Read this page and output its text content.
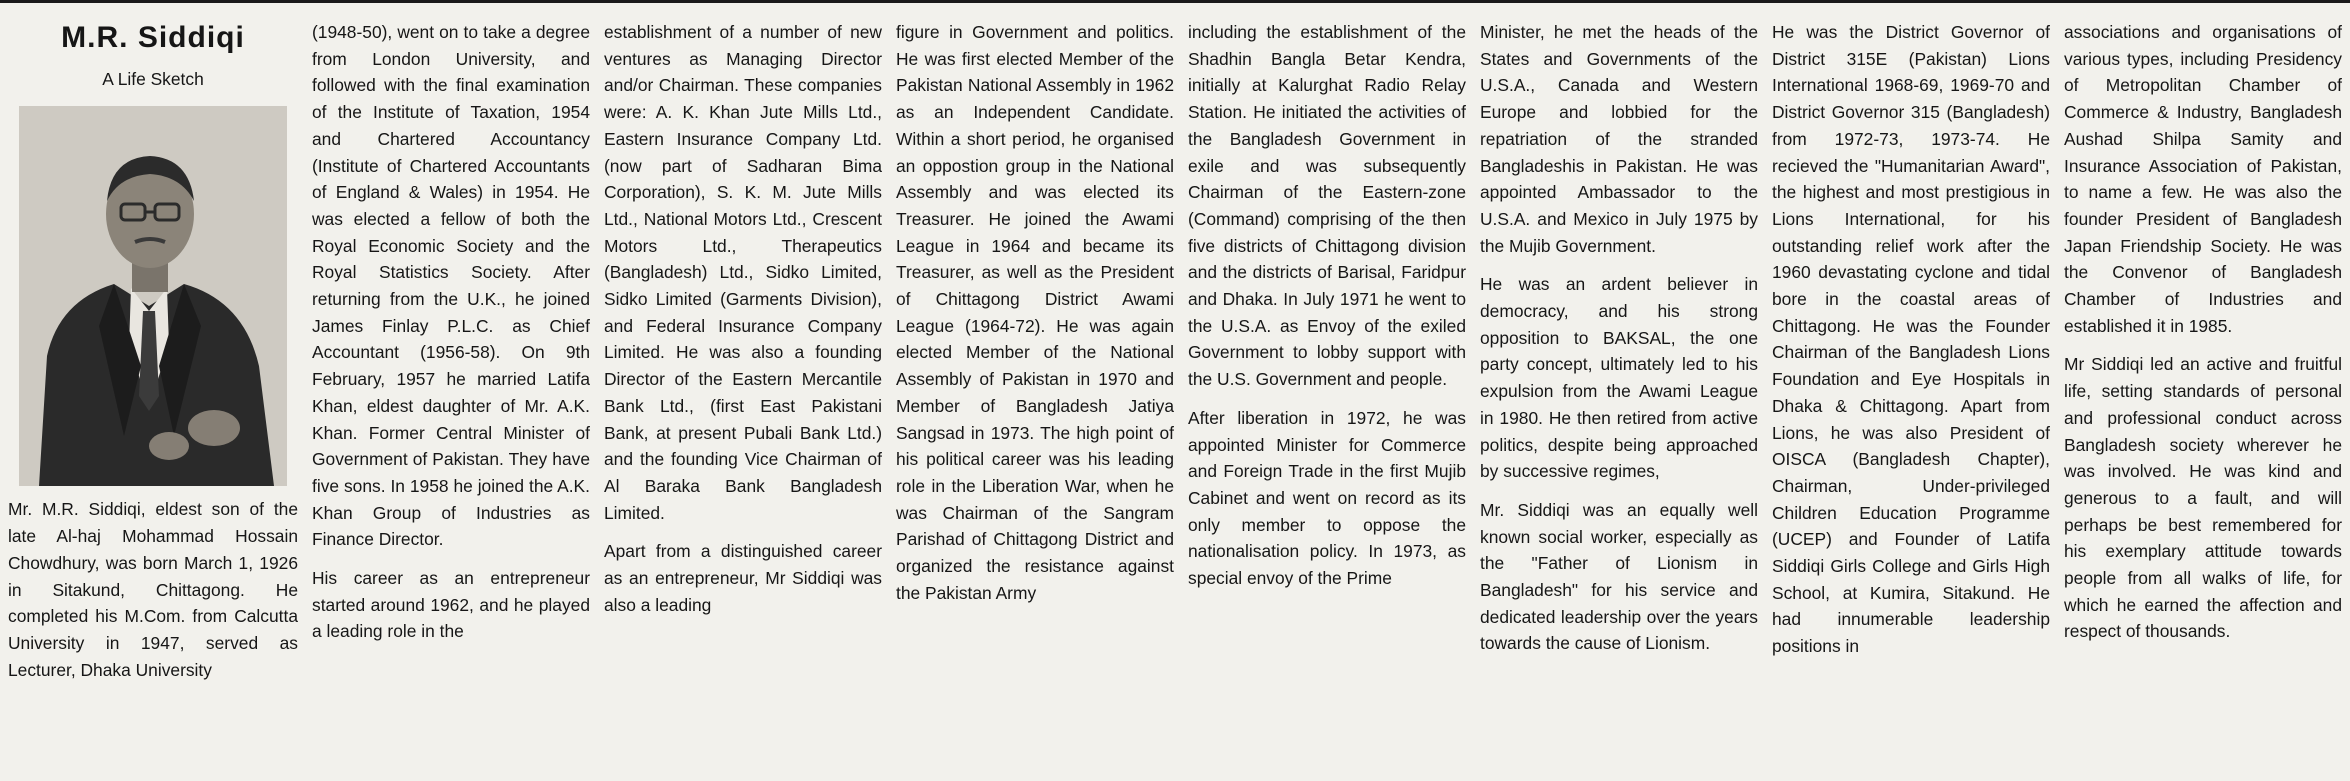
M.R. Siddiqi
A Life Sketch
Mr. M.R. Siddiqi, eldest son of the late Al-haj Mohammad Hossain Chowdhury, was born March 1, 1926 in Sitakund, Chittagong. He completed his M.Com. from Calcutta University in 1947, served as Lecturer, Dhaka University

(1948-50), went on to take a degree from London University, and followed with the final examination of the Institute of Taxation, 1954 and Chartered Accountancy (Institute of Chartered Accountants of England & Wales) in 1954. He was elected a fellow of both the Royal Economic Society and the Royal Statistics Society. After returning from the U.K., he joined James Finlay P.L.C. as Chief Accountant (1956-58). On 9th February, 1957 he married Latifa Khan, eldest daughter of Mr. A.K. Khan. Former Central Minister of Government of Pakistan. They have five sons. In 1958 he joined the A.K. Khan Group of Industries as Finance Director.

His career as an entrepreneur started around 1962, and he played a leading role in the

establishment of a number of new ventures as Managing Director and/or Chairman. These companies were: A. K. Khan Jute Mills Ltd., Eastern Insurance Company Ltd. (now part of Sadharan Bima Corporation), S. K. M. Jute Mills Ltd., National Motors Ltd., Crescent Motors Ltd., Therapeutics (Bangladesh) Ltd., Sidko Limited, Sidko Limited (Garments Division), and Federal Insurance Company Limited. He was also a founding Director of the Eastern Mercantile Bank Ltd., (first East Pakistani Bank, at present Pubali Bank Ltd.) and the founding Vice Chairman of Al Baraka Bank Bangladesh Limited.

Apart from a distinguished career as an entrepreneur, Mr Siddiqi was also a leading

figure in Government and politics. He was first elected Member of the Pakistan National Assembly in 1962 as an Independent Candidate. Within a short period, he organised an oppostion group in the National Assembly and was elected its Treasurer. He joined the Awami League in 1964 and became its Treasurer, as well as the President of Chittagong District Awami League (1964-72). He was again elected Member of the National Assembly of Pakistan in 1970 and Member of Bangladesh Jatiya Sangsad in 1973. The high point of his political career was his leading role in the Liberation War, when he was Chairman of the Sangram Parishad of Chittagong District and organized the resistance against the Pakistan Army

including the establishment of the Shadhin Bangla Betar Kendra, initially at Kalurghat Radio Relay Station. He initiated the activities of the Bangladesh Government in exile and was subsequently Chairman of the Eastern-zone (Command) comprising of the then five districts of Chittagong division and the districts of Barisal, Faridpur and Dhaka. In July 1971 he went to the U.S.A. as Envoy of the exiled Government to lobby support with the U.S. Government and people.

After liberation in 1972, he was appointed Minister for Commerce and Foreign Trade in the first Mujib Cabinet and went on record as its only member to oppose the nationalisation policy. In 1973, as special envoy of the Prime

Minister, he met the heads of the States and Governments of the U.S.A., Canada and Western Europe and lobbied for the repatriation of the stranded Bangladeshis in Pakistan. He was appointed Ambassador to the U.S.A. and Mexico in July 1975 by the Mujib Government.

He was an ardent believer in democracy, and his strong opposition to BAKSAL, the one party concept, ultimately led to his expulsion from the Awami League in 1980. He then retired from active politics, despite being approached by successive regimes,

Mr. Siddiqi was an equally well known social worker, especially as the "Father of Lionism in Bangladesh" for his service and dedicated leadership over the years towards the cause of Lionism.

He was the District Governor of District 315E (Pakistan) Lions International 1968-69, 1969-70 and District Governor 315 (Bangladesh) from 1972-73, 1973-74. He recieved the "Humanitarian Award", the highest and most prestigious in Lions International, for his outstanding relief work after the 1960 devastating cyclone and tidal bore in the coastal areas of Chittagong. He was the Founder Chairman of the Bangladesh Lions Foundation and Eye Hospitals in Dhaka & Chittagong. Apart from Lions, he was also President of OISCA (Bangladesh Chapter), Chairman, Under-privileged Children Education Programme (UCEP) and Founder of Latifa Siddiqi Girls College and Girls High School, at Kumira, Sitakund. He had innumerable leadership positions in

associations and organisations of various types, including Presidency of Metropolitan Chamber of Commerce & Industry, Bangladesh Aushad Shilpa Samity and Insurance Association of Pakistan, to name a few. He was also the founder President of Bangladesh Japan Friendship Society. He was the Convenor of Bangladesh Chamber of Industries and established it in 1985.

Mr Siddiqi led an active and fruitful life, setting standards of personal and professional conduct across Bangladesh society wherever he was involved. He was kind and generous to a fault, and will perhaps be best remembered for his exemplary attitude towards people from all walks of life, for which he earned the affection and respect of thousands.
